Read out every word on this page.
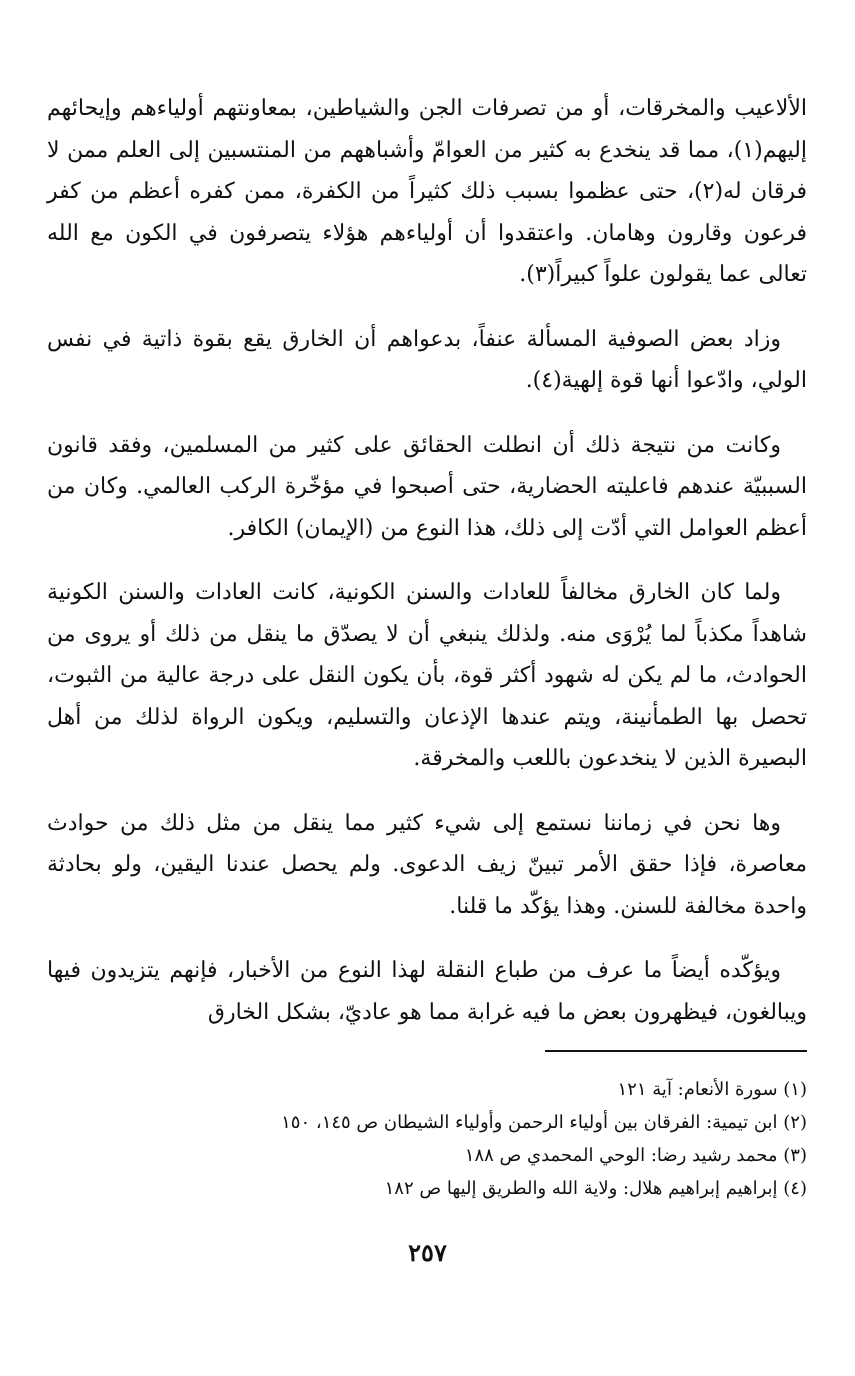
الألاعيب والمخرقات، أو من تصرفات الجن والشياطين، بمعاونتهم أولياءهم وإيحائهم إليهم(١)، مما قد ينخدع به كثير من العوامّ وأشباههم من المنتسبين إلى العلم ممن لا فرقان له(٢)، حتى عظموا بسبب ذلك كثيراً من الكفرة، ممن كفره أعظم من كفر فرعون وقارون وهامان. واعتقدوا أن أولياءهم هؤلاء يتصرفون في الكون مع الله تعالى عما يقولون علواً كبيراً(٣).

وزاد بعض الصوفية المسألة عنفاً، بدعواهم أن الخارق يقع بقوة ذاتية في نفس الولي، وادّعوا أنها قوة إلهية(٤).

وكانت من نتيجة ذلك أن انطلت الحقائق على كثير من المسلمين، وفقد قانون السببيّة عندهم فاعليته الحضارية، حتى أصبحوا في مؤخّرة الركب العالمي. وكان من أعظم العوامل التي أدّت إلى ذلك، هذا النوع من (الإيمان) الكافر.

ولما كان الخارق مخالفاً للعادات والسنن الكونية، كانت العادات والسنن الكونية شاهداً مكذباً لما يُرْوَى منه. ولذلك ينبغي أن لا يصدّق ما ينقل من ذلك أو يروى من الحوادث، ما لم يكن له شهود أكثر قوة، بأن يكون النقل على درجة عالية من الثبوت، تحصل بها الطمأنينة، ويتم عندها الإذعان والتسليم، ويكون الرواة لذلك من أهل البصيرة الذين لا ينخدعون باللعب والمخرقة.

وها نحن في زماننا نستمع إلى شيء كثير مما ينقل من مثل ذلك من حوادث معاصرة، فإذا حقق الأمر تبينّ زيف الدعوى. ولم يحصل عندنا اليقين، ولو بحادثة واحدة مخالفة للسنن. وهذا يؤكّد ما قلنا.

ويؤكّده أيضاً ما عرف من طباع النقلة لهذا النوع من الأخبار، فإنهم يتزيدون فيها ويبالغون، فيظهرون بعض ما فيه غرابة مما هو عاديّ، بشكل الخارق

(١) سورة الأنعام: آية ١٢١

(٢) ابن تيمية: الفرقان بين أولياء الرحمن وأولياء الشيطان ص ١٤٥، ١٥٠

(٣) محمد رشيد رضا: الوحي المحمدي ص ١٨٨

(٤) إبراهيم إبراهيم هلال: ولاية الله والطريق إليها ص ١٨٢

٢٥٧
